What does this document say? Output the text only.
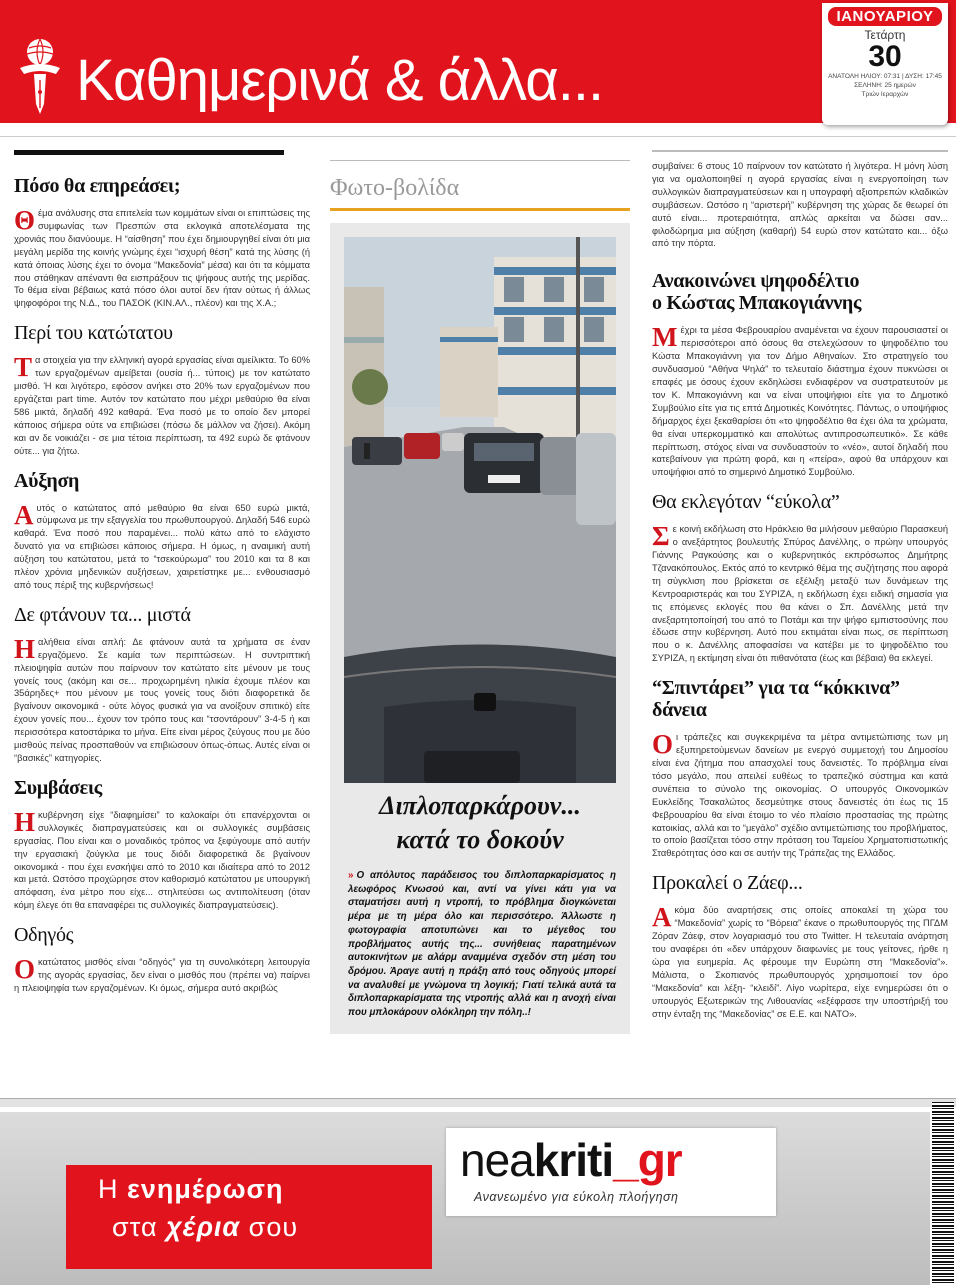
Καθημερινά & άλλα...
ΙΑΝΟΥΑΡΙΟΥ
Τετάρτη
30
ΑΝΑΤΟΛΗ ΗΛΙΟΥ: 07:31 | ΔΥΣΗ: 17:45
ΣΕΛΗΝΗ: 25 ημερών
Τριών Ιεραρχών
Πόσο θα επηρεάσει;

Θέμα ανάλυσης στα επιτελεία των κομμάτων είναι οι επιπτώσεις της συμφωνίας των Πρεσπών στα εκλογικά αποτελέσματα της χρονιάς που διανύουμε. Η “αίσθηση” που έχει δημιουργηθεί είναι ότι μια μεγάλη μερίδα της κοινής γνώμης έχει “ισχυρή θέση” κατά της λύσης (ή κατά όποιας λύσης έχει το όνομα “Μακεδονία” μέσα) και ότι τα κόμματα που στάθηκαν απέναντι θα εισπράξουν τις ψήφους αυτής της μερίδας. Το θέμα είναι βέβαιως κατά πόσο όλοι αυτοί δεν ήταν ούτως ή άλλως ψηφοφόροι της Ν.Δ., του ΠΑΣΟΚ (ΚΙΝ.ΑΛ., πλέον) και της Χ.Α.;

Περί του κατώτατου

Τα στοιχεία για την ελληνική αγορά εργασίας είναι αμείλικτα. Το 60% των εργαζομένων αμείβεται (ουσία ή... τύποις) με τον κατώτατο μισθό. Ή και λιγότερο, εφόσον ανήκει στο 20% των εργαζομένων που εργάζεται part time. Αυτόν τον κατώτατο που μέχρι μεθαύριο θα είναι 586 μικτά, δηλαδή 492 καθαρά. Ένα ποσό με το οποίο δεν μπορεί κάποιος σήμερα ούτε να επιβιώσει (πόσω δε μάλλον να ζήσει). Ακόμη και αν δε νοικιάζει - σε μια τέτοια περίπτωση, τα 492 ευρώ δε φτάνουν ούτε... για ζήτω.

Αύξηση

Αυτός ο κατώτατος από μεθαύριο θα είναι 650 ευρώ μικτά, σύμφωνα με την εξαγγελία του πρωθυπουργού. Δηλαδή 546 ευρώ καθαρά. Ένα ποσό που παραμένει... πολύ κάτω από το ελάχιστο δυνατό για να επιβιώσει κάποιος σήμερα. Η όμως, η αναιμική αυτή αύξηση του κατώτατου, μετά το “τσεκούρωμα” του 2010 και τα 8 και πλέον χρόνια μηδενικών αυξήσεων, χαιρετίστηκε με... ενθουσιασμό από τους πέριξ της κυβερνήσεως!

Δε φτάνουν τα... μιστά

Η αλήθεια είναι απλή: Δε φτάνουν αυτά τα χρήματα σε έναν εργαζόμενο. Σε καμία των περιπτώσεων. Η συντριπτική πλειοψηφία αυτών που παίρνουν τον κατώτατο είτε μένουν με τους γονείς τους (ακόμη και σε... προχωρημένη ηλικία έχουμε πλέον και 35άρηδες+ που μένουν με τους γονείς τους διότι διαφορετικά δε βγαίνουν οικονομικά - ούτε λόγος φυσικά για να ανοίξουν σπιτικό) είτε έχουν γονείς που... έχουν τον τρόπο τους και “τσοντάρουν” 3-4-5 ή και περισσότερα κατοστάρικα το μήνα. Είτε είναι μέρος ζεύγους που με δύο μισθούς πείνας προσπαθούν να επιβιώσουν όπως-όπως. Αυτές είναι οι “βασικές” κατηγορίες.

Συμβάσεις

Η κυβέρνηση είχε “διαφημίσει” το καλοκαίρι ότι επανέρχονται οι συλλογικές διαπραγματεύσεις και οι συλλογικές συμβάσεις εργασίας. Που είναι και ο μοναδικός τρόπος να ξεφύγουμε από αυτήν την εργασιακή ζούγκλα με τους διόδι διαφορετικά δε βγαίνουν οικονομικά - που έχει ενσκήψει από το 2010 και ιδιαίτερα από το 2012 και μετά. Ωστόσο προχώρησε στον καθορισμό κατώτατου με υπουργική απόφαση, ένα μέτρο που είχε... στηλιτεύσει ως αντιπολίτευση (όταν κόμη έλεγε ότι θα επαναφέρει τις συλλογικές διαπραγματεύσεις).

Οδηγός

Ο κατώτατος μισθός είναι “οδηγός” για τη συνολικότερη λειτουργία της αγοράς εργασίας, δεν είναι ο μισθός που (πρέπει να) παίρνει η πλειοψηφία των εργαζομένων. Κι όμως, σήμερα αυτό ακριβώς

Φωτο-βολίδα
Διπλοπαρκάρουν...
κατά το δοκούν

» Ο απόλυτος παράδεισος του διπλοπαρκαρίσματος η λεωφόρος Κνωσού και, αντί να γίνει κάτι για να σταματήσει αυτή η ντροπή, το πρόβλημα διογκώνεται μέρα με τη μέρα όλο και περισσότερο. Άλλωστε η φωτογραφία αποτυπώνει και το μέγεθος του προβλήματος αυτής της... συνήθειας παρατημένων αυτοκινήτων με αλάρμ αναμμένα σχεδόν στη μέση του δρόμου. Άραγε αυτή η πράξη από τους οδηγούς μπορεί να αναλυθεί με γνώμονα τη λογική; Γιατί τελικά αυτά τα διπλοπαρκαρίσματα της ντροπής αλλά και η ανοχή είναι που μπλοκάρουν ολόκληρη την πόλη..!

συμβαίνει: 6 στους 10 παίρνουν τον κατώτατο ή λιγότερα. Η μόνη λύση για να ομαλοποιηθεί η αγορά εργασίας είναι η ενεργοποίηση των συλλογικών διαπραγματεύσεων και η υπογραφή αξιοπρεπών κλαδικών συμβάσεων. Ωστόσο η “αριστερή” κυβέρνηση της χώρας δε θεωρεί ότι αυτό είναι... προτεραιότητα, απλώς αρκείται να δώσει σαν... φιλοδώρημα μια αύξηση (καθαρή) 54 ευρώ στον κατώτατο και... όξω από την πόρτα.

Ανακοινώνει ψηφοδέλτιο
ο Κώστας Μπακογιάννης

Μέχρι τα μέσα Φεβρουαρίου αναμένεται να έχουν παρουσιαστεί οι περισσότεροι από όσους θα στελεχώσουν το ψηφοδέλτιο του Κώστα Μπακογιάννη για τον Δήμο Αθηναίων. Στο στρατηγείο του συνδυασμού “Αθήνα Ψηλά” το τελευταίο διάστημα έχουν πυκνώσει οι επαφές με όσους έχουν εκδηλώσει ενδιαφέρον να συστρατευτούν με τον Κ. Μπακογιάννη και να είναι υποψήφιοι είτε για το Δημοτικό Συμβούλιο είτε για τις επτά Δημοτικές Κοινότητες. Πάντως, ο υποψήφιος δήμαρχος έχει ξεκαθαρίσει ότι «το ψηφοδέλτιο θα έχει όλα τα χρώματα, θα είναι υπερκομματικό και απολύτως αντιπροσωπευτικό». Σε κάθε περίπτωση, στόχος είναι να συνδυαστούν το «νέο», αυτοί δηλαδή που κατεβαίνουν για πρώτη φορά, και η «πείρα», αφού θα υπάρχουν και υποψήφιοι από το σημερινό Δημοτικό Συμβούλιο.

Θα εκλεγόταν “εύκολα”

Σε κοινή εκδήλωση στο Ηράκλειο θα μιλήσουν μεθαύριο Παρασκευή ο ανεξάρτητος βουλευτής Σπύρος Δανέλλης, ο πρώην υπουργός Γιάννης Ραγκούσης και ο κυβερνητικός εκπρόσωπος Δημήτρης Τζανακόπουλος. Εκτός από το κεντρικό θέμα της συζήτησης που αφορά τη σύγκλιση που βρίσκεται σε εξέλιξη μεταξύ των δυνάμεων της Κεντροαριστεράς και του ΣΥΡΙΖΑ, η εκδήλωση έχει ειδική σημασία για τις επόμενες εκλογές που θα κάνει ο Σπ. Δανέλλης μετά την ανεξαρτητοποίησή του από το Ποτάμι και την ψήφο εμπιστοσύνης που έδωσε στην κυβέρνηση. Αυτό που εκτιμάται είναι πως, σε περίπτωση που ο κ. Δανέλλης αποφασίσει να κατέβει με το ψηφοδέλτιο του ΣΥΡΙΖΑ, η εκτίμηση είναι ότι πιθανότατα (έως και βέβαια) θα εκλεγεί.

“Σπιντάρει” για τα “κόκκινα” δάνεια

Οι τράπεζες και συγκεκριμένα τα μέτρα αντιμετώπισης των μη εξυπηρετούμενων δανείων με ενεργό συμμετοχή του Δημοσίου είναι ένα ζήτημα που απασχολεί τους δανειστές. Το πρόβλημα είναι τόσο μεγάλο, που απειλεί ευθέως το τραπεζικό σύστημα και κατά συνέπεια το σύνολο της οικονομίας. Ο υπουργός Οικονομικών Ευκλείδης Τσακαλώτος δεσμεύτηκε στους δανειστές ότι έως τις 15 Φεβρουαρίου θα είναι έτοιμο το νέο πλαίσιο προστασίας της πρώτης κατοικίας, αλλά και το “μεγάλο” σχέδιο αντιμετώπισης του προβλήματος, το οποίο βασίζεται τόσο στην πρόταση του Ταμείου Χρηματοπιστωτικής Σταθερότητας όσο και σε αυτήν της Τράπεζας της Ελλάδος.

Προκαλεί ο Ζάεφ...

Ακόμα δύο αναρτήσεις στις οποίες αποκαλεί τη χώρα του “Μακεδονία” χωρίς το “Βόρεια” έκανε ο πρωθυπουργός της ΠΓΔΜ Ζόραν Ζάεφ, στον λογαριασμό του στο Twitter. Η τελευταία ανάρτηση του αναφέρει ότι «δεν υπάρχουν διαφωνίες με τους γείτονες, ήρθε η ώρα για ευημερία. Ας φέρουμε την Ευρώπη στη “Μακεδονία”». Μάλιστα, ο Σκοπιανός πρωθυπουργός χρησιμοποιεί τον όρο “Μακεδονία” και λέξη- “κλειδί”. Λίγο νωρίτερα, είχε ενημερώσει ότι ο υπουργός Εξωτερικών της Λιθουανίας «εξέφρασε την υποστήριξή του στην ένταξη της “Μακεδονίας” σε Ε.Ε. και ΝΑΤΟ».

Η ενημέρωση
στα χέρια σου
neakriti_gr
Ανανεωμένο για εύκολη πλοήγηση
